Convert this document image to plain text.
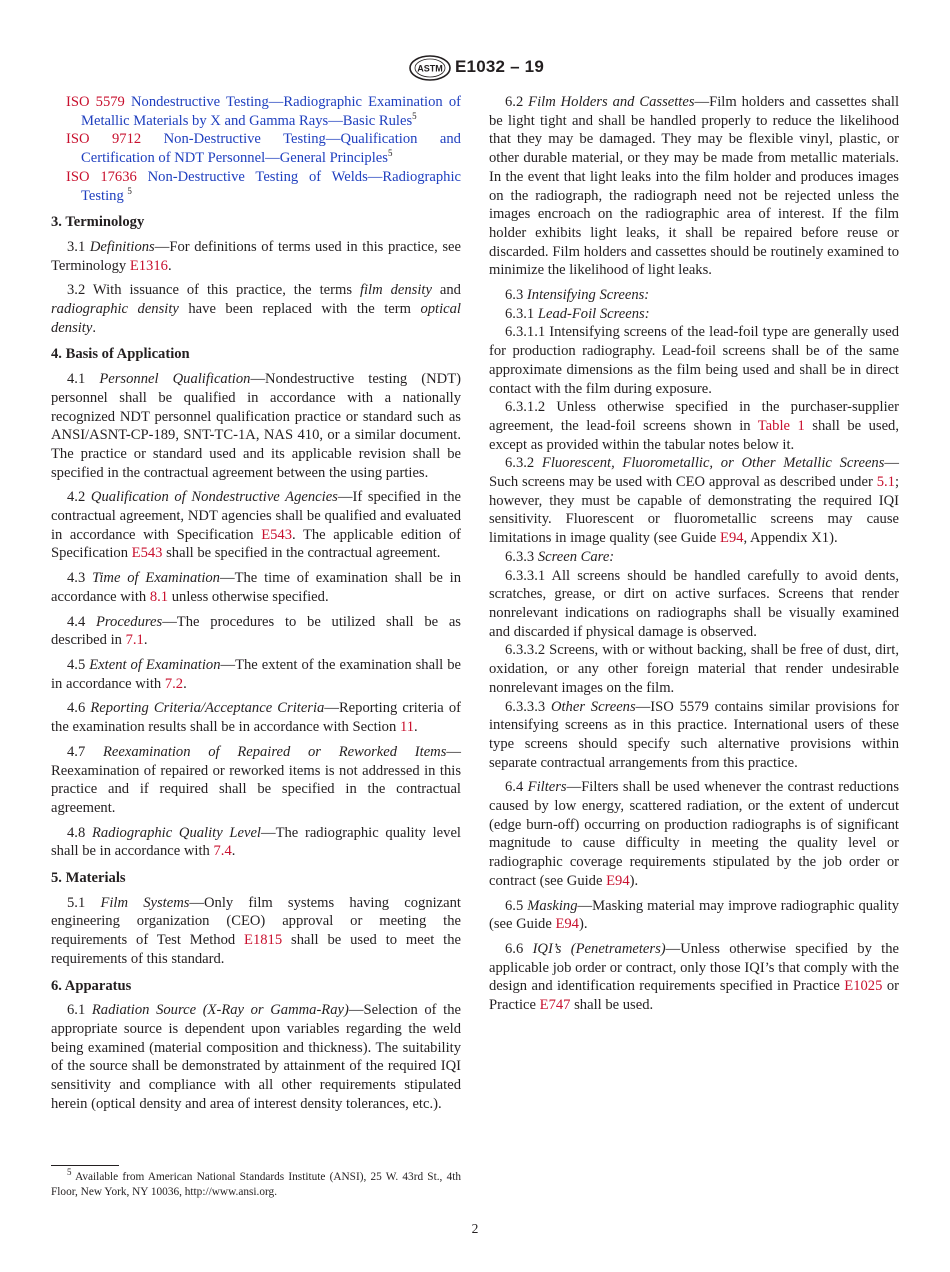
ASTM E1032 – 19
ISO 5579 Nondestructive Testing—Radiographic Examination of Metallic Materials by X and Gamma Rays—Basic Rules$^5$
ISO 9712 Non-Destructive Testing—Qualification and Certification of NDT Personnel—General Principles$^5$
ISO 17636 Non-Destructive Testing of Welds—Radiographic Testing $^5$
3. Terminology

3.1 Definitions—For definitions of terms used in this practice, see Terminology E1316.

3.2 With issuance of this practice, the terms film density and radiographic density have been replaced with the term optical density.

4. Basis of Application

4.1 Personnel Qualification—Nondestructive testing (NDT) personnel shall be qualified in accordance with a nationally recognized NDT personnel qualification practice or standard such as ANSI/ASNT-CP-189, SNT-TC-1A, NAS 410, or a similar document. The practice or standard used and its applicable revision shall be specified in the contractual agreement between the using parties.

4.2 Qualification of Nondestructive Agencies—If specified in the contractual agreement, NDT agencies shall be qualified and evaluated in accordance with Specification E543. The applicable edition of Specification E543 shall be specified in the contractual agreement.

4.3 Time of Examination—The time of examination shall be in accordance with 8.1 unless otherwise specified.

4.4 Procedures—The procedures to be utilized shall be as described in 7.1.

4.5 Extent of Examination—The extent of the examination shall be in accordance with 7.2.

4.6 Reporting Criteria/Acceptance Criteria—Reporting criteria of the examination results shall be in accordance with Section 11.

4.7 Reexamination of Repaired or Reworked Items—Reexamination of repaired or reworked items is not addressed in this practice and if required shall be specified in the contractual agreement.

4.8 Radiographic Quality Level—The radiographic quality level shall be in accordance with 7.4.

5. Materials

5.1 Film Systems—Only film systems having cognizant engineering organization (CEO) approval or meeting the requirements of Test Method E1815 shall be used to meet the requirements of this standard.

6. Apparatus

6.1 Radiation Source (X-Ray or Gamma-Ray)—Selection of the appropriate source is dependent upon variables regarding the weld being examined (material composition and thickness). The suitability of the source shall be demonstrated by attainment of the required IQI sensitivity and compliance with all other requirements stipulated herein (optical density and area of interest density tolerances, etc.).

6.2 Film Holders and Cassettes—Film holders and cassettes shall be light tight and shall be handled properly to reduce the likelihood that they may be damaged. They may be flexible vinyl, plastic, or other durable material, or they may be made from metallic materials. In the event that light leaks into the film holder and produces images on the radiograph, the radiograph need not be rejected unless the images encroach on the radiographic area of interest. If the film holder exhibits light leaks, it shall be repaired before reuse or discarded. Film holders and cassettes should be routinely examined to minimize the likelihood of light leaks.

6.3 Intensifying Screens:

6.3.1 Lead-Foil Screens:

6.3.1.1 Intensifying screens of the lead-foil type are generally used for production radiography. Lead-foil screens shall be of the same approximate dimensions as the film being used and shall be in direct contact with the film during exposure.

6.3.1.2 Unless otherwise specified in the purchaser-supplier agreement, the lead-foil screens shown in Table 1 shall be used, except as provided within the tabular notes below it.

6.3.2 Fluorescent, Fluorometallic, or Other Metallic Screens—Such screens may be used with CEO approval as described under 5.1; however, they must be capable of demonstrating the required IQI sensitivity. Fluorescent or fluorometallic screens may cause limitations in image quality (see Guide E94, Appendix X1).

6.3.3 Screen Care:

6.3.3.1 All screens should be handled carefully to avoid dents, scratches, grease, or dirt on active surfaces. Screens that render nonrelevant indications on radiographs shall be visually examined and discarded if physical damage is observed.

6.3.3.2 Screens, with or without backing, shall be free of dust, dirt, oxidation, or any other foreign material that render undesirable nonrelevant images on the film.

6.3.3.3 Other Screens—ISO 5579 contains similar provisions for intensifying screens as in this practice. International users of these type screens should specify such alternative provisions within separate contractual arrangements from this practice.

6.4 Filters—Filters shall be used whenever the contrast reductions caused by low energy, scattered radiation, or the extent of undercut (edge burn-off) occurring on production radiographs is of significant magnitude to cause difficulty in meeting the quality level or radiographic coverage requirements stipulated by the job order or contract (see Guide E94).

6.5 Masking—Masking material may improve radiographic quality (see Guide E94).

6.6 IQI’s (Penetrameters)—Unless otherwise specified by the applicable job order or contract, only those IQI’s that comply with the design and identification requirements specified in Practice E1025 or Practice E747 shall be used.

$^5$ Available from American National Standards Institute (ANSI), 25 W. 43rd St., 4th Floor, New York, NY 10036, http://www.ansi.org.
2
